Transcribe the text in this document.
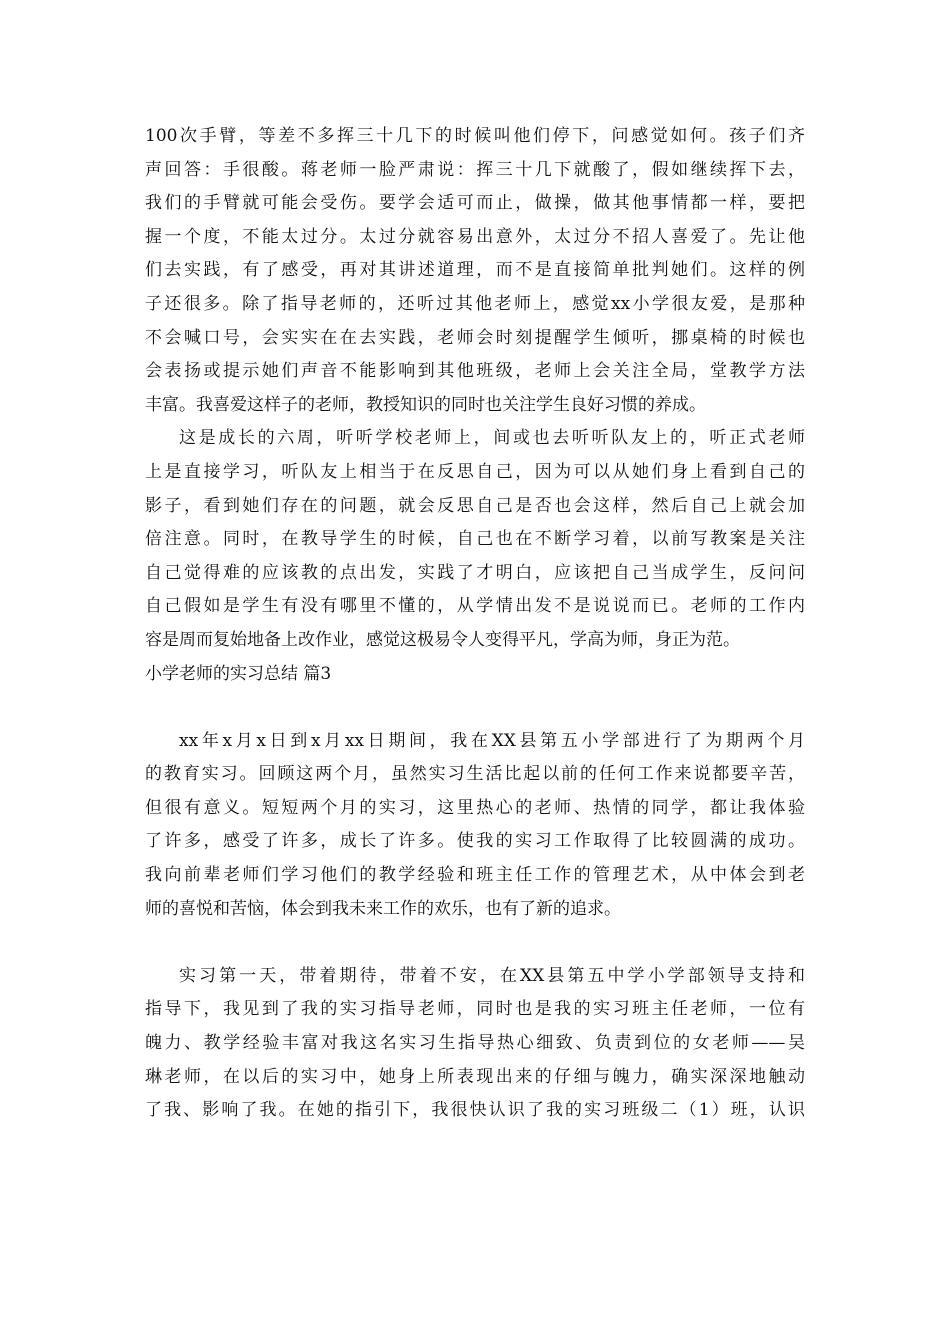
100次手臂，等差不多挥三十几下的时候叫他们停下，问感觉如何。孩子们齐
声回答：手很酸。蒋老师一脸严肃说：挥三十几下就酸了，假如继续挥下去，
我们的手臂就可能会受伤。要学会适可而止，做操，做其他事情都一样，要把
握一个度，不能太过分。太过分就容易出意外，太过分不招人喜爱了。先让他
们去实践，有了感受，再对其讲述道理，而不是直接简单批判她们。这样的例
子还很多。除了指导老师的，还听过其他老师上，感觉xx小学很友爱，是那种
不会喊口号，会实实在在去实践，老师会时刻提醒学生倾听，挪桌椅的时候也
会表扬或提示她们声音不能影响到其他班级，老师上会关注全局，堂教学方法
丰富。我喜爱这样子的老师，教授知识的同时也关注学生良好习惯的养成。
这是成长的六周，听听学校老师上，间或也去听听队友上的，听正式老师
上是直接学习，听队友上相当于在反思自己，因为可以从她们身上看到自己的
影子，看到她们存在的问题，就会反思自己是否也会这样，然后自己上就会加
倍注意。同时，在教导学生的时候，自己也在不断学习着，以前写教案是关注
自己觉得难的应该教的点出发，实践了才明白，应该把自己当成学生，反问问
自己假如是学生有没有哪里不懂的，从学情出发不是说说而已。老师的工作内
容是周而复始地备上改作业，感觉这极易令人变得平凡，学高为师，身正为范。
小学老师的实习总结 篇3
xx年x月x日到x月xx日期间，我在XX县第五小学部进行了为期两个月
的教育实习。回顾这两个月，虽然实习生活比起以前的任何工作来说都要辛苦，
但很有意义。短短两个月的实习，这里热心的老师、热情的同学，都让我体验
了许多，感受了许多，成长了许多。使我的实习工作取得了比较圆满的成功。
我向前辈老师们学习他们的教学经验和班主任工作的管理艺术，从中体会到老
师的喜悦和苦恼，体会到我未来工作的欢乐，也有了新的追求。
实习第一天，带着期待，带着不安，在XX县第五中学小学部领导支持和
指导下，我见到了我的实习指导老师，同时也是我的实习班主任老师，一位有
魄力、教学经验丰富对我这名实习生指导热心细致、负责到位的女老师——吴
琳老师，在以后的实习中，她身上所表现出来的仔细与魄力，确实深深地触动
了我、影响了我。在她的指引下，我很快认识了我的实习班级二（1）班，认识
